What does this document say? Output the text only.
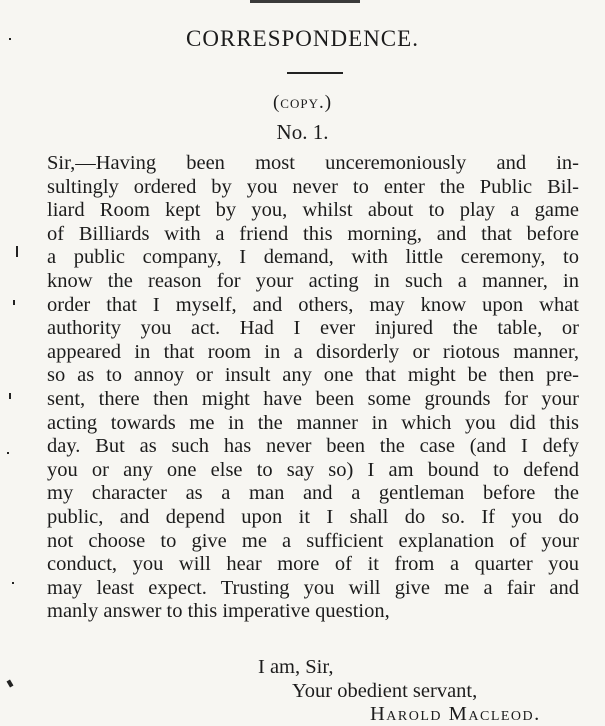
CORRESPONDENCE.
(copy.)
No. 1.
Sir,—Having been most unceremoniously and in-
sultingly ordered by you never to enter the Public Bil-
liard Room kept by you, whilst about to play a game
of Billiards with a friend this morning, and that before
a public company, I demand, with little ceremony, to
know the reason for your acting in such a manner, in
order that I myself, and others, may know upon what
authority you act. Had I ever injured the table, or
appeared in that room in a disorderly or riotous manner,
so as to annoy or insult any one that might be then pre-
sent, there then might have been some grounds for your
acting towards me in the manner in which you did this
day. But as such has never been the case (and I defy
you or any one else to say so) I am bound to defend
my character as a man and a gentleman before the
public, and depend upon it I shall do so. If you do
not choose to give me a sufficient explanation of your
conduct, you will hear more of it from a quarter you
may least expect. Trusting you will give me a fair and
manly answer to this imperative question,
I am, Sir,
Your obedient servant,
Harold Macleod.
